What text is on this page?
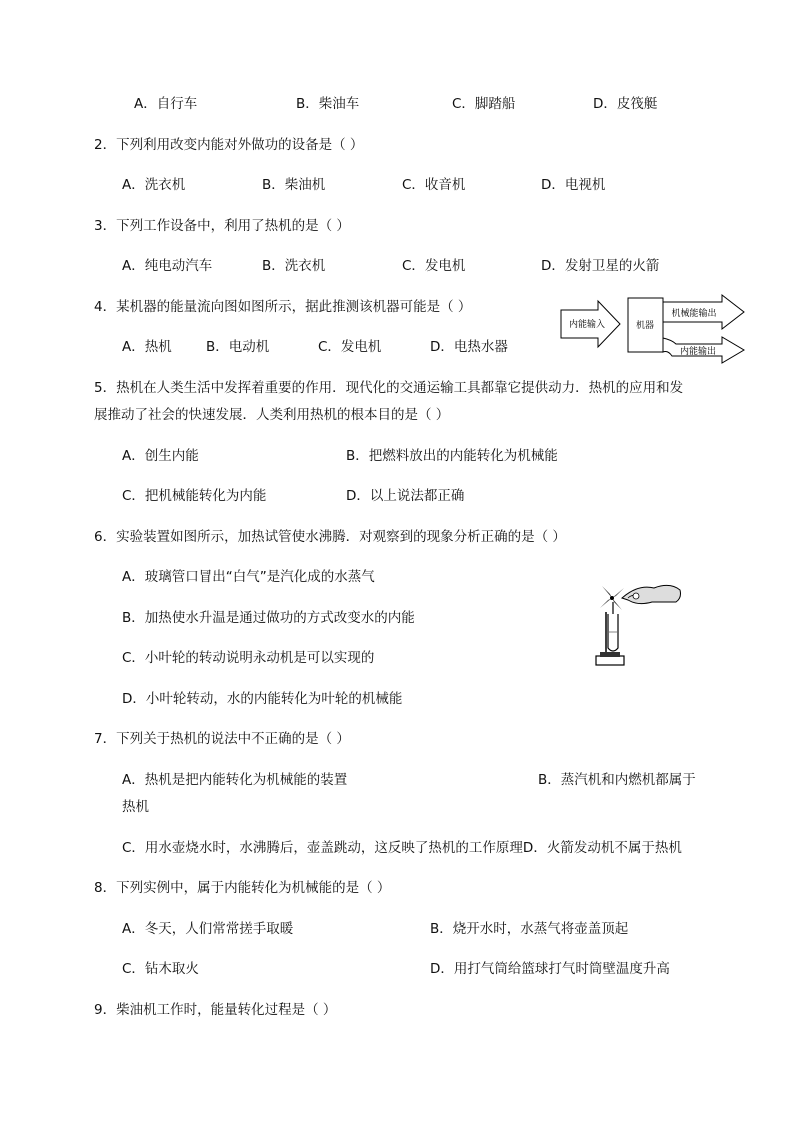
A．自行车	B．柴油车	C．脚踏船	D．皮筏艇
2．下列利用改变内能对外做功的设备是（ ）
A．洗衣机	B．柴油机	C．收音机	D．电视机
3．下列工作设备中，利用了热机的是（ ）
A．纯电动汽车	B．洗衣机	C．发电机	D．发射卫星的火箭
4．某机器的能量流向图如图所示，据此推测该机器可能是（ ）
A．热机	B．电动机	C．发电机	D．电热水器
内能输入	机器
机械能输出
内能输出
5．热机在人类生活中发挥着重要的作用．现代化的交通运输工具都靠它提供动力．热机的应用和发
展推动了社会的快速发展．人类利用热机的根本目的是（ ）
A．创生内能	B．把燃料放出的内能转化为机械能
C．把机械能转化为内能	D．以上说法都正确
6．实验装置如图所示，加热试管使水沸腾．对观察到的现象分析正确的是（ ）
A．玻璃管口冒出“白气”是汽化成的水蒸气
B．加热使水升温是通过做功的方式改变水的内能
C．小叶轮的转动说明永动机是可以实现的
D．小叶轮转动，水的内能转化为叶轮的机械能
7．下列关于热机的说法中不正确的是（ ）
A．热机是把内能转化为机械能的装置	B．蒸汽机和内燃机都属于
热机
C．用水壶烧水时，水沸腾后，壶盖跳动，这反映了热机的工作原理D．火箭发动机不属于热机
8．下列实例中，属于内能转化为机械能的是（ ）
A．冬天，人们常常搓手取暖	B．烧开水时，水蒸气将壶盖顶起
C．钻木取火	D．用打气筒给篮球打气时筒壁温度升高
9．柴油机工作时，能量转化过程是（ ）
